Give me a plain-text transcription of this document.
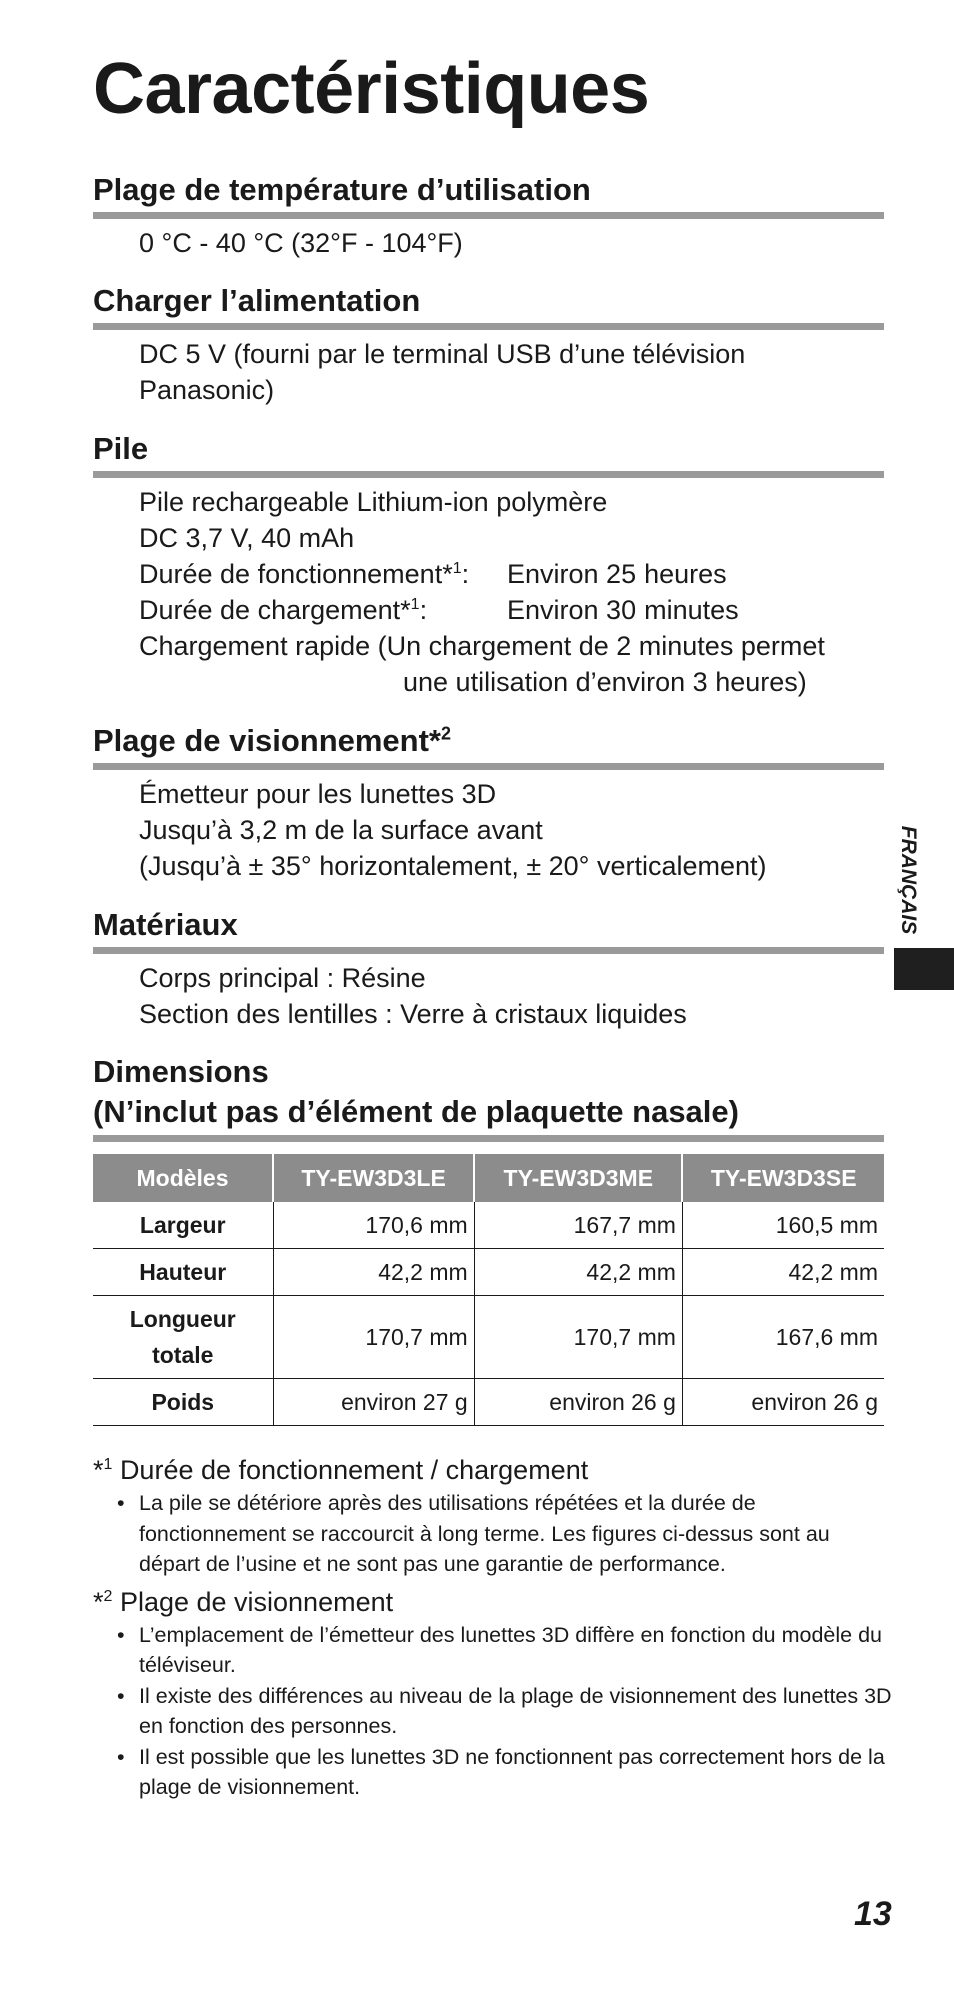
Caractéristiques
Plage de température d’utilisation
0 °C - 40 °C (32°F - 104°F)
Charger l’alimentation
DC 5 V (fourni par le terminal USB d’une télévision
Panasonic)
Pile
Pile rechargeable Lithium-ion polymère
DC 3,7 V, 40 mAh
Durée de fonctionnement*$^1$:	Environ 25 heures
Durée de chargement*$^1$:	Environ 30 minutes
Chargement rapide (Un chargement de 2 minutes permet
une utilisation d’environ 3 heures)
Plage de visionnement*$^2$
Émetteur pour les lunettes 3D
Jusqu’à 3,2 m de la surface avant
(Jusqu’à ± 35° horizontalement, ± 20° verticalement)
Matériaux
Corps principal : Résine
Section des lentilles : Verre à cristaux liquides
Dimensions
(N’inclut pas d’élément de plaquette nasale)
Modèles	TY-EW3D3LE	TY-EW3D3ME	TY-EW3D3SE
Largeur	170,6 mm	167,7 mm	160,5 mm
Hauteur	42,2 mm	42,2 mm	42,2 mm

Longueur
totale	170,7 mm	170,7 mm	167,6 mm
Poids	environ 27 g	environ 26 g	environ 26 g
*$^1$ Durée de fonctionnement / chargement
• La pile se détériore après des utilisations répétées et la durée de fonctionnement se raccourcit à long terme. Les figures ci-dessus sont au départ de l’usine et ne sont pas une garantie de performance.
*$^2$ Plage de visionnement
• L’emplacement de l’émetteur des lunettes 3D diffère en fonction du modèle du téléviseur.
• Il existe des différences au niveau de la plage de visionnement des lunettes 3D en fonction des personnes.
• Il est possible que les lunettes 3D ne fonctionnent pas correctement hors de la plage de visionnement.
FRANÇAIS
13
